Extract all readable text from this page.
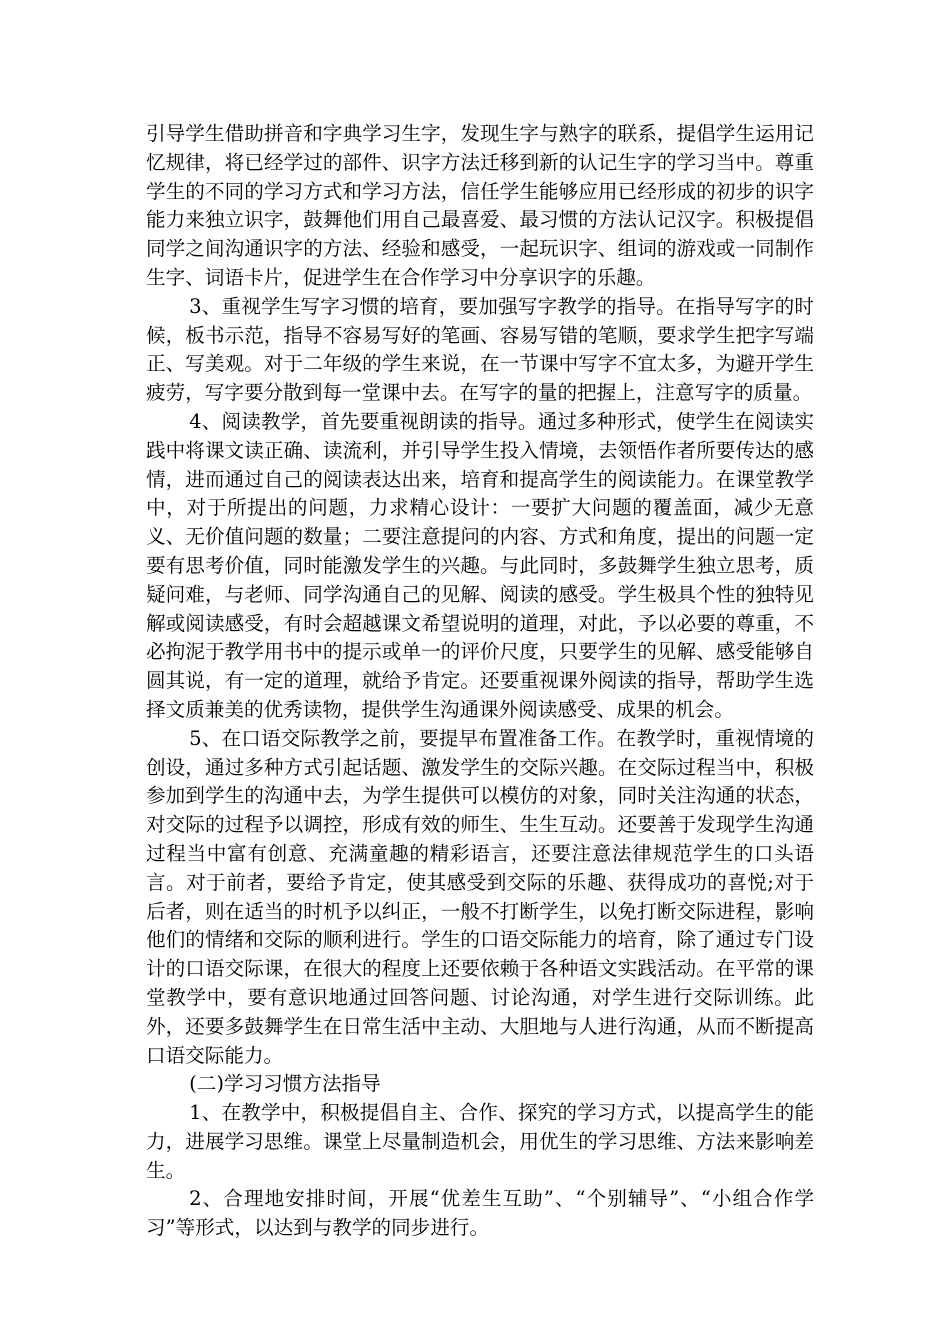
引导学生借助拼音和字典学习生字，发现生字与熟字的联系，提倡学生运用记忆规律，将已经学过的部件、识字方法迁移到新的认记生字的学习当中。尊重学生的不同的学习方式和学习方法，信任学生能够应用已经形成的初步的识字能力来独立识字，鼓舞他们用自己最喜爱、最习惯的方法认记汉字。积极提倡同学之间沟通识字的方法、经验和感受，一起玩识字、组词的游戏或一同制作生字、词语卡片，促进学生在合作学习中分享识字的乐趣。

3、重视学生写字习惯的培育，要加强写字教学的指导。在指导写字的时候，板书示范，指导不容易写好的笔画、容易写错的笔顺，要求学生把字写端正、写美观。对于二年级的学生来说，在一节课中写字不宜太多，为避开学生疲劳，写字要分散到每一堂课中去。在写字的量的把握上，注意写字的质量。

4、阅读教学，首先要重视朗读的指导。通过多种形式，使学生在阅读实践中将课文读正确、读流利，并引导学生投入情境，去领悟作者所要传达的感情，进而通过自己的阅读表达出来，培育和提高学生的阅读能力。在课堂教学中，对于所提出的问题，力求精心设计：一要扩大问题的覆盖面，减少无意义、无价值问题的数量；二要注意提问的内容、方式和角度，提出的问题一定要有思考价值，同时能激发学生的兴趣。与此同时，多鼓舞学生独立思考，质疑问难，与老师、同学沟通自己的见解、阅读的感受。学生极具个性的独特见解或阅读感受，有时会超越课文希望说明的道理，对此，予以必要的尊重，不必拘泥于教学用书中的提示或单一的评价尺度，只要学生的见解、感受能够自圆其说，有一定的道理，就给予肯定。还要重视课外阅读的指导，帮助学生选择文质兼美的优秀读物，提供学生沟通课外阅读感受、成果的机会。

5、在口语交际教学之前，要提早布置准备工作。在教学时，重视情境的创设，通过多种方式引起话题、激发学生的交际兴趣。在交际过程当中，积极参加到学生的沟通中去，为学生提供可以模仿的对象，同时关注沟通的状态，对交际的过程予以调控，形成有效的师生、生生互动。还要善于发现学生沟通过程当中富有创意、充满童趣的精彩语言，还要注意法律规范学生的口头语言。对于前者，要给予肯定，使其感受到交际的乐趣、获得成功的喜悦;对于后者，则在适当的时机予以纠正，一般不打断学生，以免打断交际进程，影响他们的情绪和交际的顺利进行。学生的口语交际能力的培育，除了通过专门设计的口语交际课，在很大的程度上还要依赖于各种语文实践活动。在平常的课堂教学中，要有意识地通过回答问题、讨论沟通，对学生进行交际训练。此外，还要多鼓舞学生在日常生活中主动、大胆地与人进行沟通，从而不断提高口语交际能力。

(二)学习习惯方法指导

1、在教学中，积极提倡自主、合作、探究的学习方式，以提高学生的能力，进展学习思维。课堂上尽量制造机会，用优生的学习思维、方法来影响差生。

2、合理地安排时间，开展“优差生互助”、“个别辅导”、“小组合作学习”等形式，以达到与教学的同步进行。
